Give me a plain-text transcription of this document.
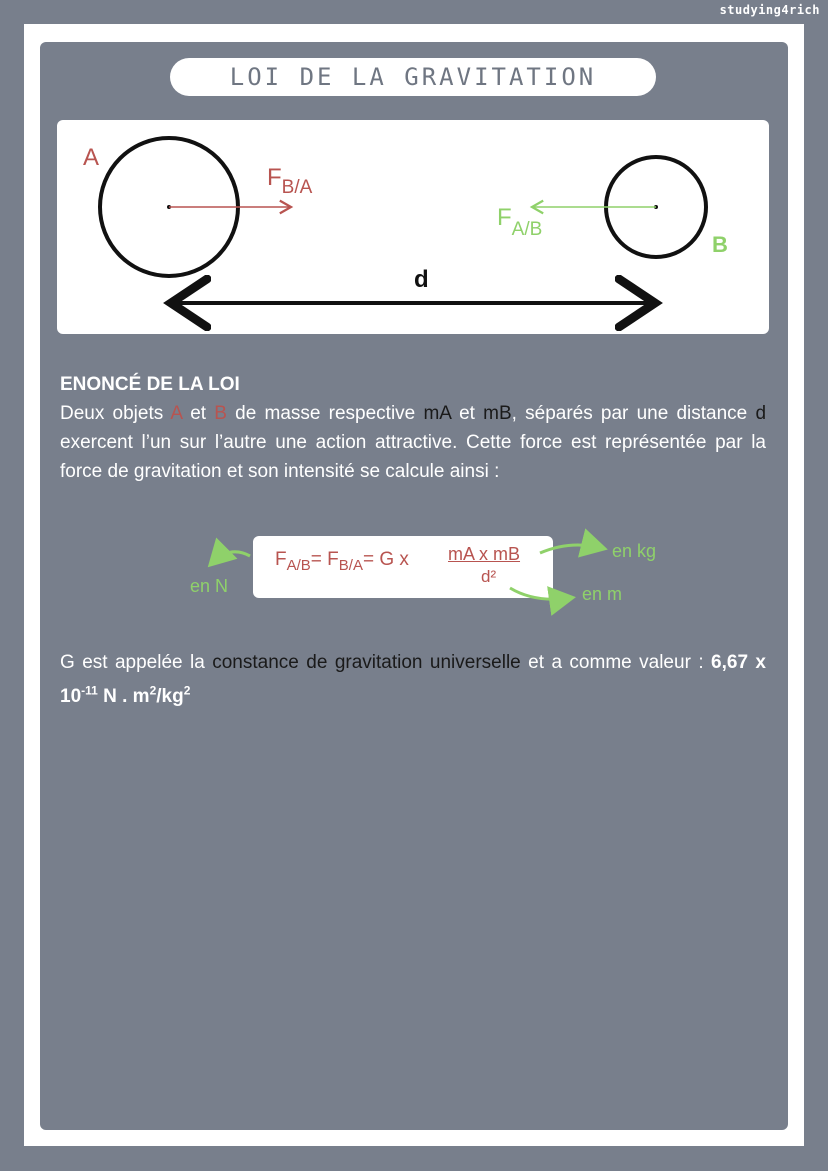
studying4rich
LOI DE LA GRAVITATION
A
B
FB/A
FA/B
d
ENONCÉ DE LA LOI
Deux objets A et B de masse respective mA et mB, séparés par une distance d exercent l’un sur l’autre une action attractive. Cette force est représentée par la force de gravitation et son intensité se calcule ainsi :
$F_{A/B}= F_{B/A}= G$ x mA x mB
d²
en N
en kg
en m
G est appelée la constance de gravitation universelle et a comme valeur : 6,67 x $10^{-11}$ N . $m^2/kg^2$
